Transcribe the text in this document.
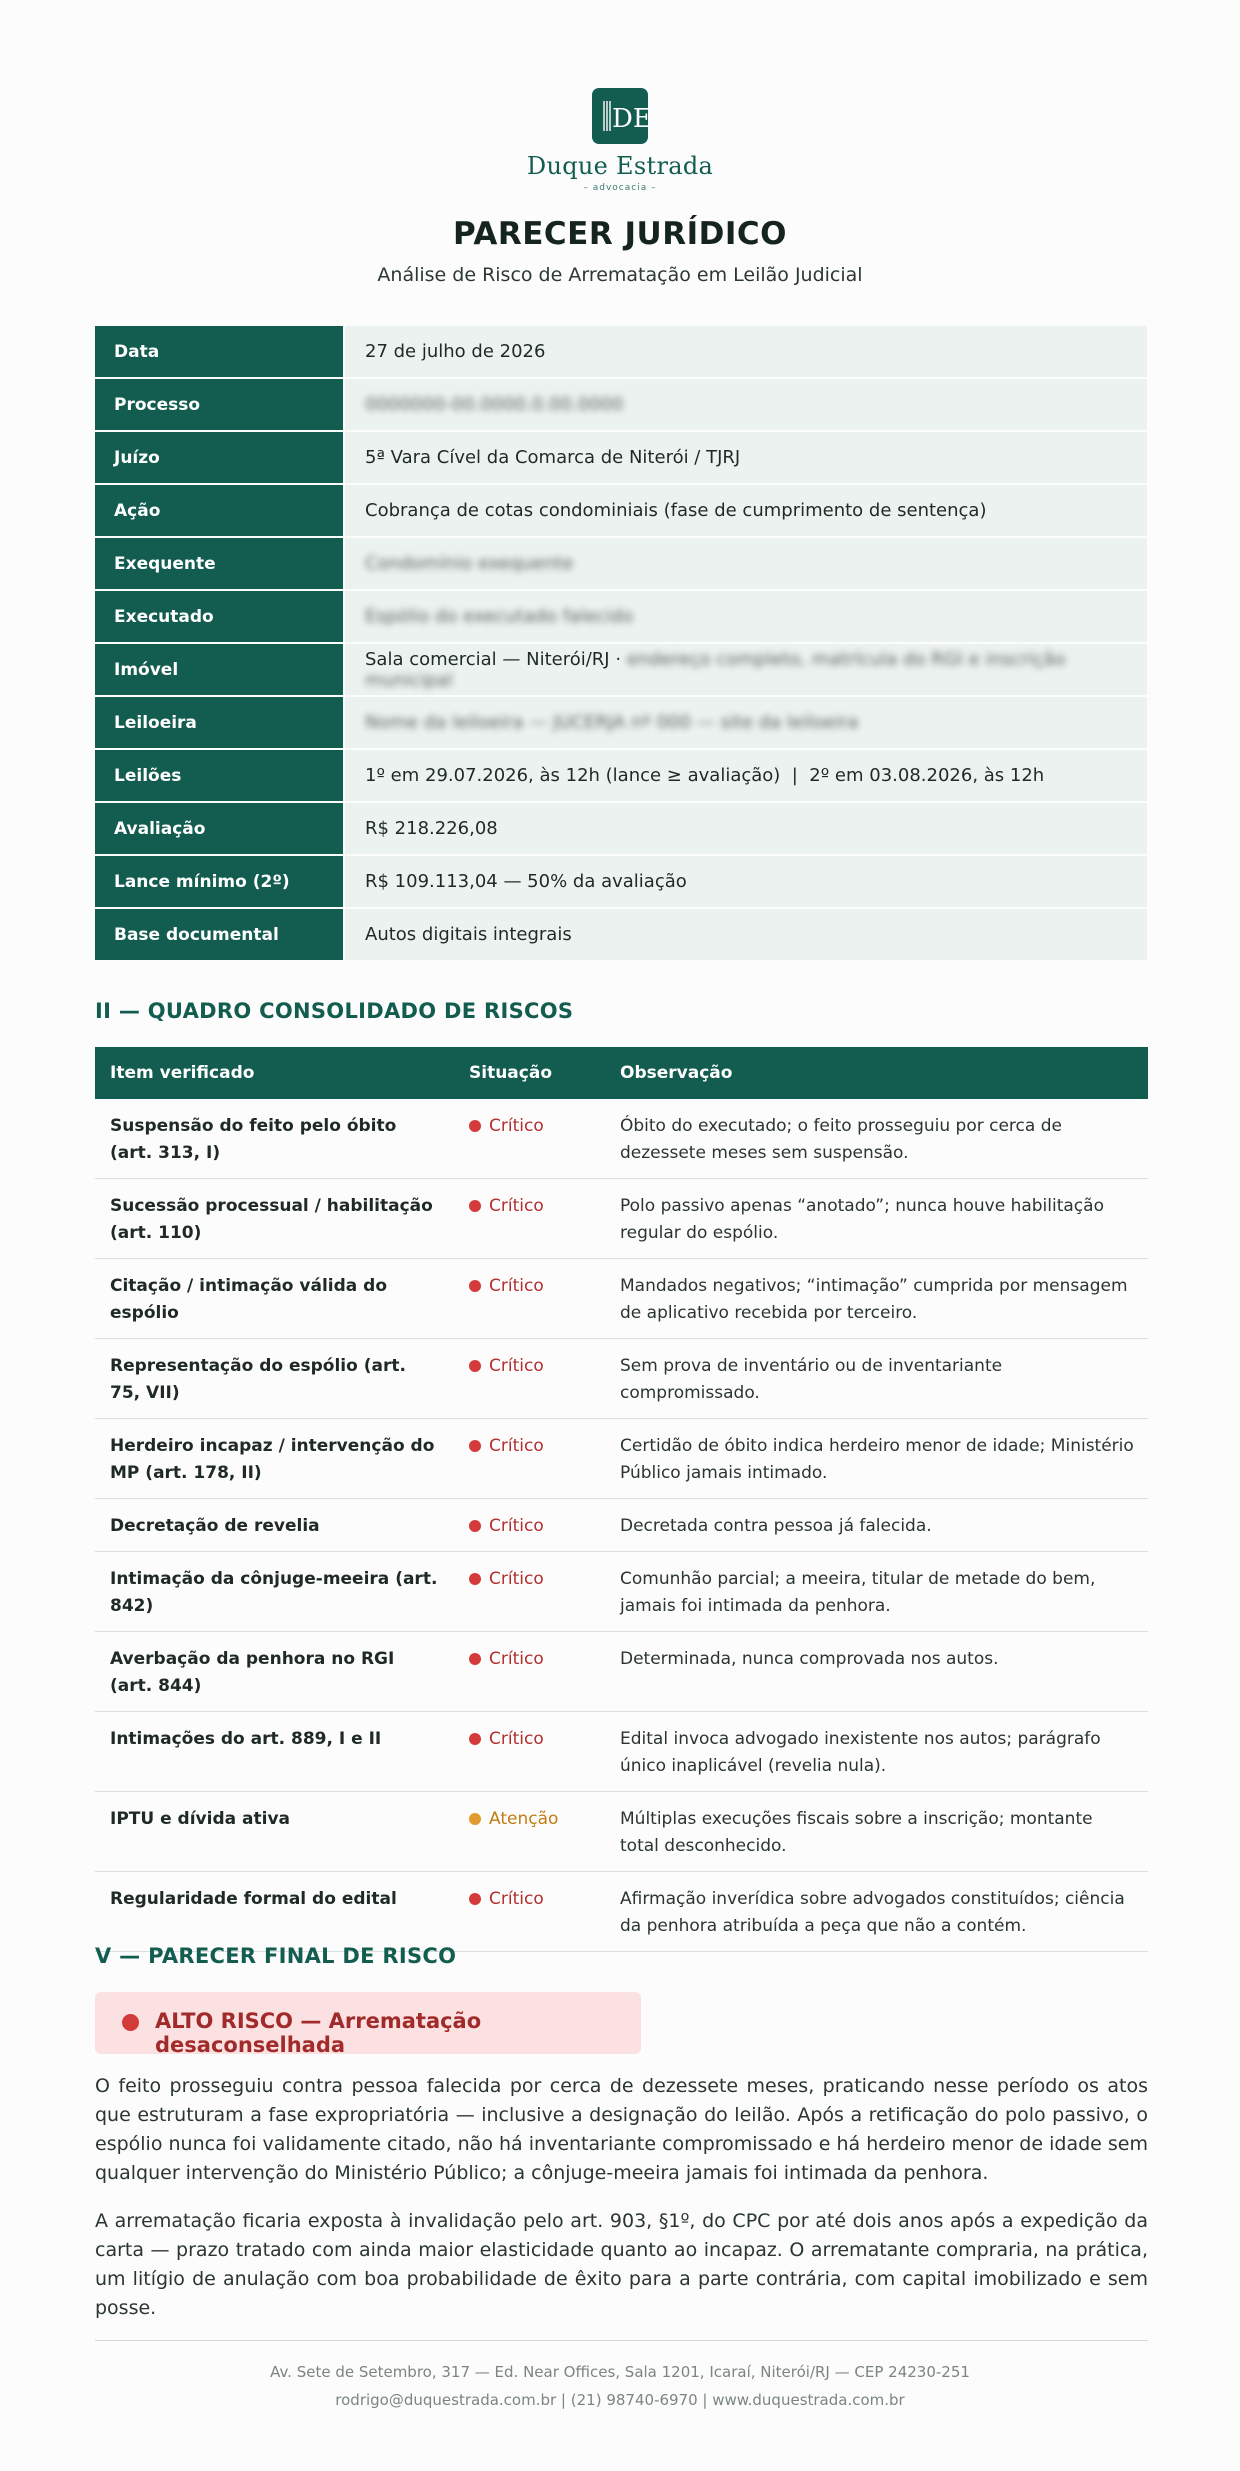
DE
Duque Estrada
– advocacia –
PARECER JURÍDICO
Análise de Risco de Arrematação em Leilão Judicial
Data	27 de julho de 2026
Processo	0000000-00.0000.0.00.0000
Juízo	5ª Vara Cível da Comarca de Niterói / TJRJ
Ação	Cobrança de cotas condominiais (fase de cumprimento de sentença)
Exequente	Condomínio exequente
Executado	Espólio do executado falecido
Imóvel	Sala comercial — Niterói/RJ · endereço completo, matrícula do RGI e inscrição municipal
Leiloeira	Nome da leiloeira — JUCERJA nº 000 — site da leiloeira
Leilões	1º em 29.07.2026, às 12h (lance ≥ avaliação)  |  2º em 03.08.2026, às 12h
Avaliação	R$ 218.226,08
Lance mínimo (2º)	R$ 109.113,04 — 50% da avaliação
Base documental	Autos digitais integrais
II — QUADRO CONSOLIDADO DE RISCOS
Item verificado	Situação	Observação
Suspensão do feito pelo óbito (art. 313, I)	Crítico	Óbito do executado; o feito prosseguiu por cerca de dezessete meses sem suspensão.
Sucessão processual / habilitação (art. 110)	Crítico	Polo passivo apenas “anotado”; nunca houve habilitação regular do espólio.
Citação / intimação válida do espólio	Crítico	Mandados negativos; “intimação” cumprida por mensagem de aplicativo recebida por terceiro.
Representação do espólio (art. 75, VII)	Crítico	Sem prova de inventário ou de inventariante compromissado.
Herdeiro incapaz / intervenção do MP (art. 178, II)	Crítico	Certidão de óbito indica herdeiro menor de idade; Ministério Público jamais intimado.
Decretação de revelia	Crítico	Decretada contra pessoa já falecida.
Intimação da cônjuge-meeira (art. 842)	Crítico	Comunhão parcial; a meeira, titular de metade do bem, jamais foi intimada da penhora.
Averbação da penhora no RGI (art. 844)	Crítico	Determinada, nunca comprovada nos autos.
Intimações do art. 889, I e II	Crítico	Edital invoca advogado inexistente nos autos; parágrafo único inaplicável (revelia nula).
IPTU e dívida ativa	Atenção	Múltiplas execuções fiscais sobre a inscrição; montante total desconhecido.
Regularidade formal do edital	Crítico	Afirmação inverídica sobre advogados constituídos; ciência da penhora atribuída a peça que não a contém.
V — PARECER FINAL DE RISCO
ALTO RISCO — Arrematação desaconselhada

O feito prosseguiu contra pessoa falecida por cerca de dezessete meses, praticando nesse período os atos que estruturam a fase expropriatória — inclusive a designação do leilão. Após a retificação do polo passivo, o espólio nunca foi validamente citado, não há inventariante compromissado e há herdeiro menor de idade sem qualquer intervenção do Ministério Público; a cônjuge-meeira jamais foi intimada da penhora.

A arrematação ficaria exposta à invalidação pelo art. 903, §1º, do CPC por até dois anos após a expedição da carta — prazo tratado com ainda maior elasticidade quanto ao incapaz. O arrematante compraria, na prática, um litígio de anulação com boa probabilidade de êxito para a parte contrária, com capital imobilizado e sem posse.

Av. Sete de Setembro, 317 — Ed. Near Offices, Sala 1201, Icaraí, Niterói/RJ — CEP 24230-251
rodrigo@duquestrada.com.br | (21) 98740-6970 | www.duquestrada.com.br
